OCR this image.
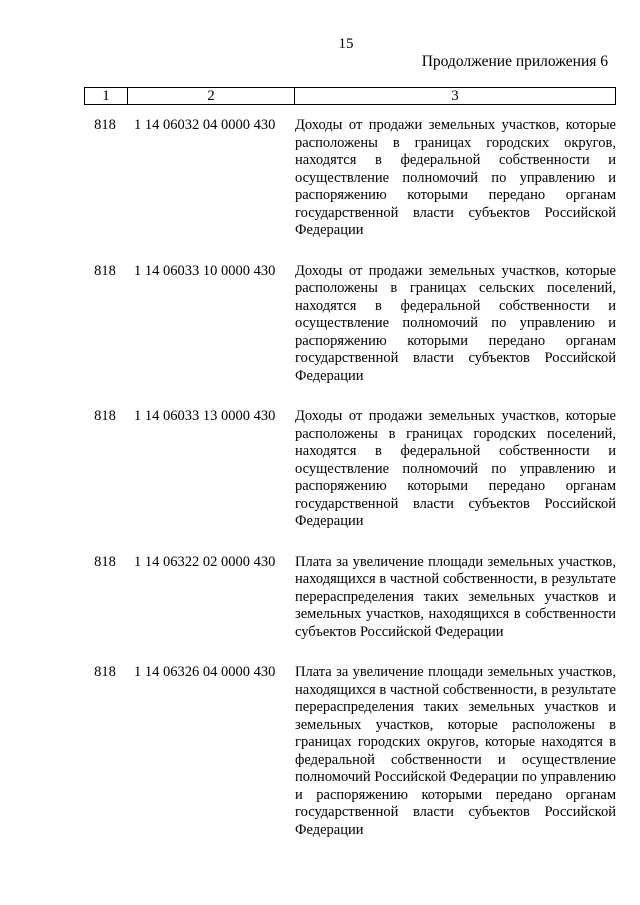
15
Продолжение приложения 6
1	2	3
818	1 14 06032 04 0000 430	Доходы от продажи земельных участков, которые расположены в границах городских округов, находятся в федеральной собственности и осуществление полномочий по управлению и распоряжению которыми передано органам государственной власти субъектов Российской Федерации
818	1 14 06033 10 0000 430	Доходы от продажи земельных участков, которые расположены в границах сельских поселений, находятся в федеральной собственности и осуществление полномочий по управлению и распоряжению которыми передано органам государственной власти субъектов Российской Федерации
818	1 14 06033 13 0000 430	Доходы от продажи земельных участков, которые расположены в границах городских поселений, находятся в федеральной собственности и осуществление полномочий по управлению и распоряжению которыми передано органам государственной власти субъектов Российской Федерации
818	1 14 06322 02 0000 430	Плата за увеличение площади земельных участков, находящихся в частной собственности, в результате перераспределения таких земельных участков и земельных участков, находящихся в собственности субъектов Российской Федерации
818	1 14 06326 04 0000 430	Плата за увеличение площади земельных участков, находящихся в частной собственности, в результате перераспределения таких земельных участков и земельных участков, которые расположены в границах городских округов, которые находятся в федеральной собственности и осуществление полномочий Российской Федерации по управлению и распоряжению которыми передано органам государственной власти субъектов Российской Федерации
